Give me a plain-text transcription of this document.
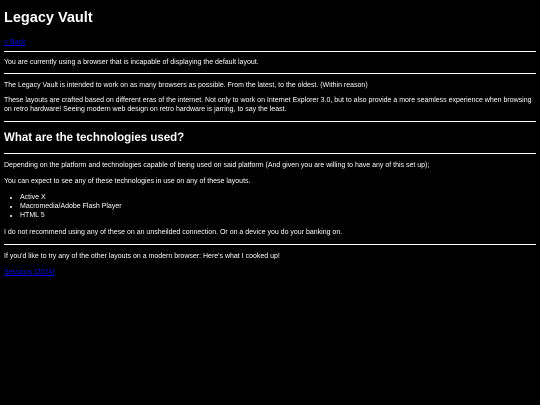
Legacy Vault
< Back

You are currently using a browser that is incapable of displaying the default layout.

The Legacy Vault is intended to work on as many browsers as possible. From the latest, to the oldest. (Within reason)

These layouts are crafted based on different eras of the internet. Not only to work on Internet Explorer 3.0, but to also provide a more seamless experience when browsing on retro hardware! Seeing modern web design on retro hardware is jarring, to say the least.

What are the technologies used?

Depending on the platform and technologies capable of being used on said platform (And given you are willing to have any of this set up);

You can expect to see any of these technologies in use on any of these layouts.

• Active X
• Macromedia/Adobe Flash Player
• HTML 5

I do not recommend using any of these on an unsheilded connection. Or on a device you do your banking on.

If you'd like to try any of the other layouts on a modern browser: Here's what I cooked up!

Sessions (2024)
